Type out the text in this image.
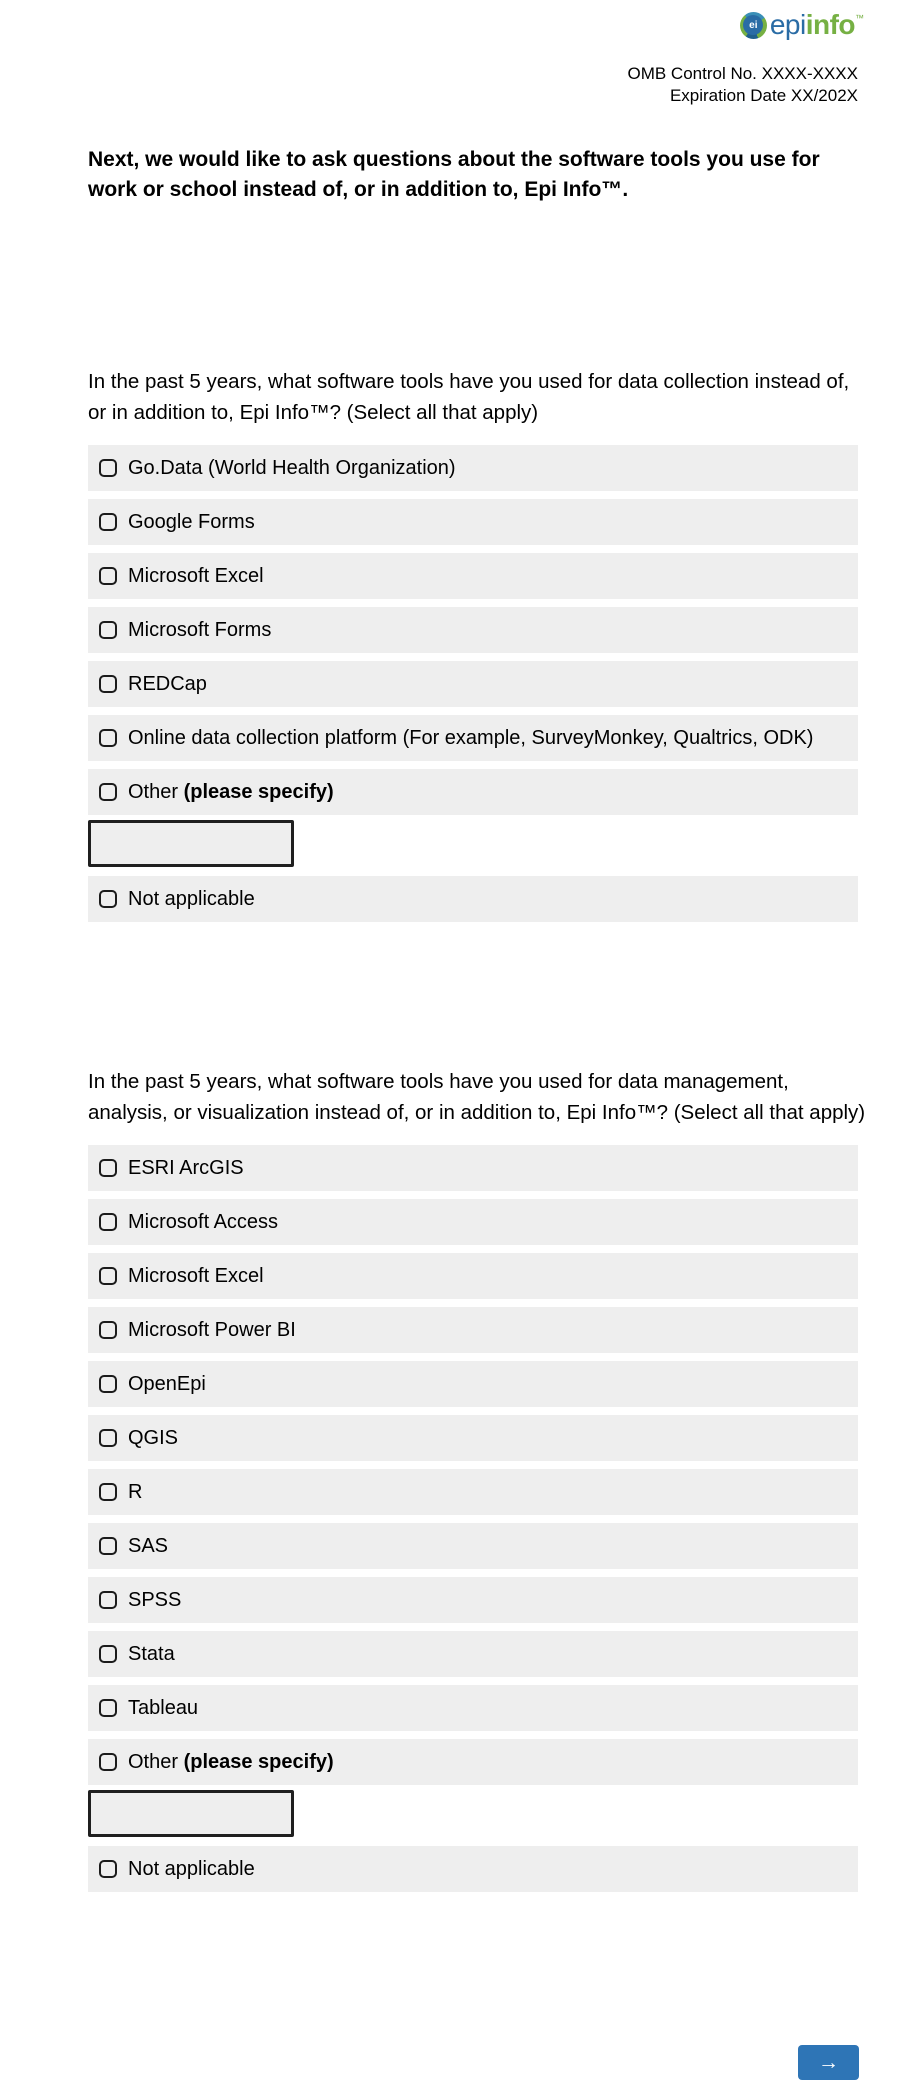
ei epi info ™
OMB Control No. XXXX-XXXX
Expiration Date XX/202X
Next, we would like to ask questions about the software tools you use for work or school instead of, or in addition to, Epi Info™.
In the past 5 years, what software tools have you used for data collection instead of, or in addition to, Epi Info™? (Select all that apply)
Go.Data (World Health Organization)
Google Forms
Microsoft Excel
Microsoft Forms
REDCap
Online data collection platform (For example, SurveyMonkey, Qualtrics, ODK)
Other (please specify)
Not applicable
In the past 5 years, what software tools have you used for data management, analysis, or visualization instead of, or in addition to, Epi Info™? (Select all that apply)
ESRI ArcGIS
Microsoft Access
Microsoft Excel
Microsoft Power BI
OpenEpi
QGIS
R
SAS
SPSS
Stata
Tableau
Other (please specify)
Not applicable
→
